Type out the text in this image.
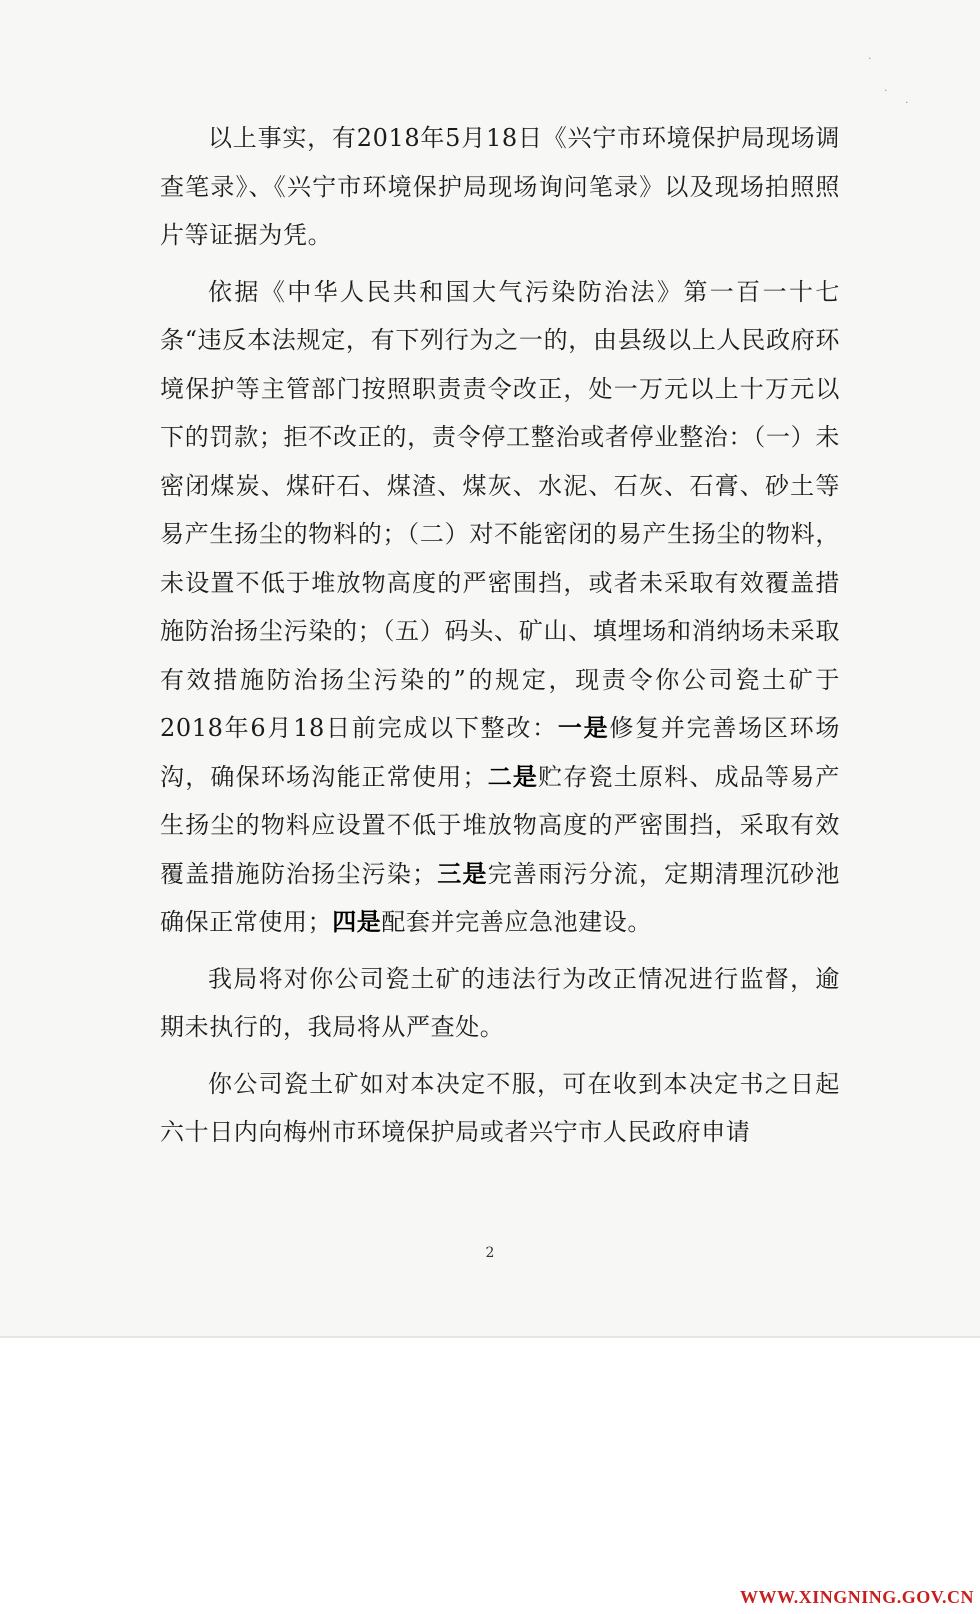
·
·
·

以上事实，有2018年5月18日《兴宁市环境保护局现场调查笔录》、《兴宁市环境保护局现场询问笔录》以及现场拍照照片等证据为凭。

依据《中华人民共和国大气污染防治法》第一百一十七条“违反本法规定，有下列行为之一的，由县级以上人民政府环境保护等主管部门按照职责责令改正，处一万元以上十万元以下的罚款；拒不改正的，责令停工整治或者停业整治：（一）未密闭煤炭、煤矸石、煤渣、煤灰、水泥、石灰、石膏、砂土等易产生扬尘的物料的；（二）对不能密闭的易产生扬尘的物料，未设置不低于堆放物高度的严密围挡，或者未采取有效覆盖措施防治扬尘污染的；（五）码头、矿山、填埋场和消纳场未采取有效措施防治扬尘污染的”的规定，现责令你公司瓷土矿于2018年6月18日前完成以下整改：一是修复并完善场区环场沟，确保环场沟能正常使用；二是贮存瓷土原料、成品等易产生扬尘的物料应设置不低于堆放物高度的严密围挡，采取有效覆盖措施防治扬尘污染；三是完善雨污分流，定期清理沉砂池确保正常使用；四是配套并完善应急池建设。

我局将对你公司瓷土矿的违法行为改正情况进行监督，逾期未执行的，我局将从严查处。

你公司瓷土矿如对本决定不服，可在收到本决定书之日起六十日内向梅州市环境保护局或者兴宁市人民政府申请

2
WWW.XINGNING.GOV.CN
